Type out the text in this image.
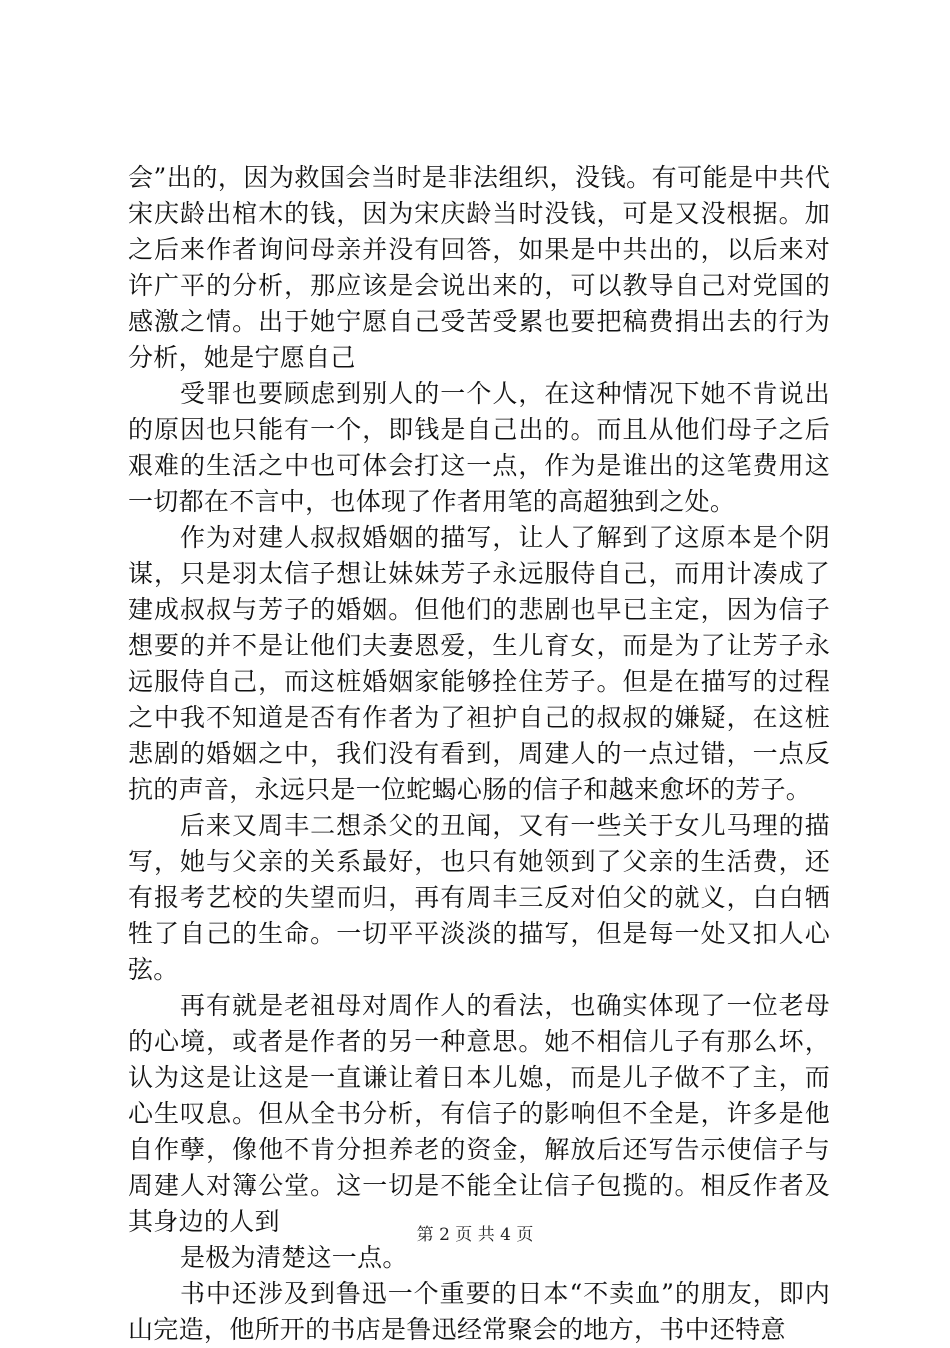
会”出的，因为救国会当时是非法组织，没钱。有可能是中共代宋庆龄出棺木的钱，因为宋庆龄当时没钱，可是又没根据。加之后来作者询问母亲并没有回答，如果是中共出的，以后来对许广平的分析，那应该是会说出来的，可以教导自己对党国的感激之情。出于她宁愿自己受苦受累也要把稿费捐出去的行为分析，她是宁愿自己

受罪也要顾虑到别人的一个人，在这种情况下她不肯说出的原因也只能有一个，即钱是自己出的。而且从他们母子之后艰难的生活之中也可体会打这一点，作为是谁出的这笔费用这一切都在不言中，也体现了作者用笔的高超独到之处。

作为对建人叔叔婚姻的描写，让人了解到了这原本是个阴谋，只是羽太信子想让妹妹芳子永远服侍自己，而用计凑成了建成叔叔与芳子的婚姻。但他们的悲剧也早已主定，因为信子想要的并不是让他们夫妻恩爱，生儿育女，而是为了让芳子永远服侍自己，而这桩婚姻家能够拴住芳子。但是在描写的过程之中我不知道是否有作者为了袒护自己的叔叔的嫌疑，在这桩悲剧的婚姻之中，我们没有看到，周建人的一点过错，一点反抗的声音，永远只是一位蛇蝎心肠的信子和越来愈坏的芳子。

后来又周丰二想杀父的丑闻，又有一些关于女儿马理的描写，她与父亲的关系最好，也只有她领到了父亲的生活费，还有报考艺校的失望而归，再有周丰三反对伯父的就义，白白牺牲了自己的生命。一切平平淡淡的描写，但是每一处又扣人心弦。

再有就是老祖母对周作人的看法，也确实体现了一位老母的心境，或者是作者的另一种意思。她不相信儿子有那么坏，认为这是让这是一直谦让着日本儿媳，而是儿子做不了主，而心生叹息。但从全书分析，有信子的影响但不全是，许多是他自作孽，像他不肯分担养老的资金，解放后还写告示使信子与周建人对簿公堂。这一切是不能全让信子包揽的。相反作者及其身边的人到

是极为清楚这一点。

书中还涉及到鲁迅一个重要的日本“不卖血”的朋友，即内山完造，他所开的书店是鲁迅经常聚会的地方，书中还特意

第 2 页 共 4 页
